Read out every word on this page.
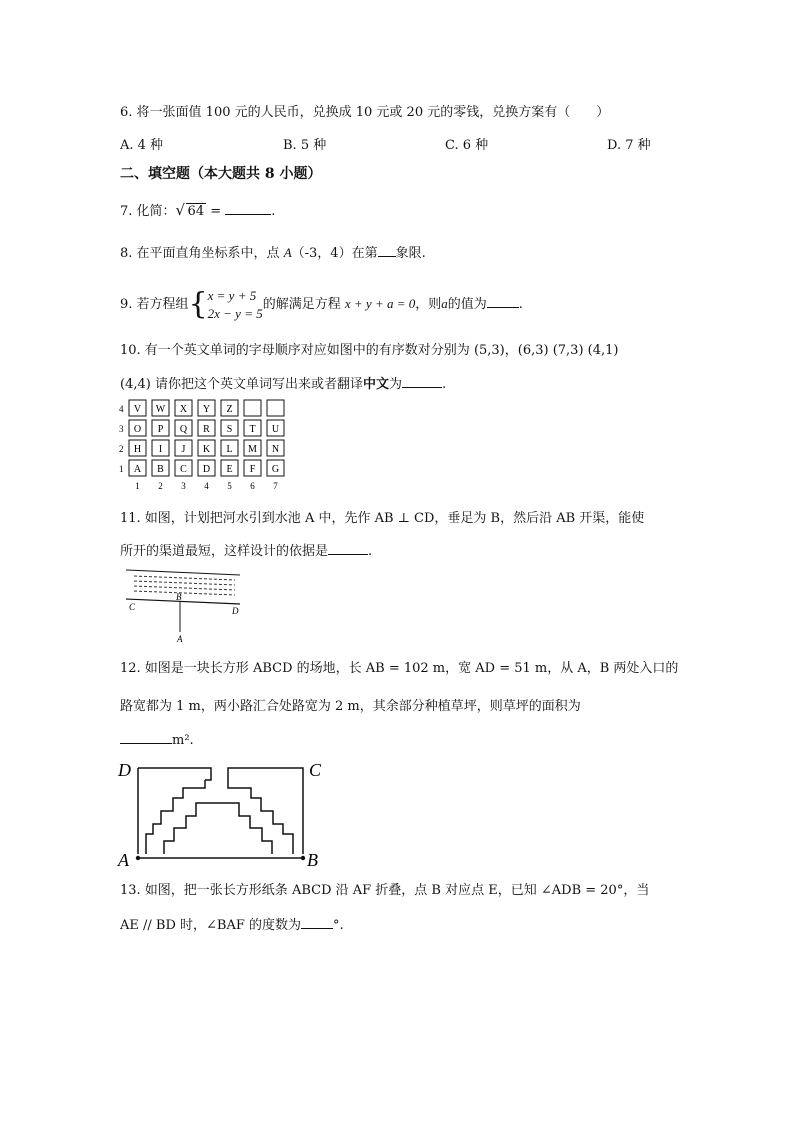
6. 将一张面值 100 元的人民币，兑换成 10 元或 20 元的零钱，兑换方案有（　　）
A. 4 种	B. 5 种	C. 6 种	D. 7 种
二、填空题（本大题共 8 小题）
7. 化简： √ 64 =	.
8. 在平面直角坐标系中，点 A（-3，4）在第 象限.
9. 若方程组{x = y + 5
2x − y = 5的解满足方程 x + y + a = 0，则a的值为 .
10. 有一个英文单词的字母顺序对应如图中的有序数对分别为 (5,3)，(6,3) (7,3) (4,1)
(4,4) 请你把这个英文单词写出来或者翻译中文为	.
4 V W X Y Z
3 O P Q R S T U
2 H I J K L M N
1 A B C D E F G
1 2 3 4 5 6 7
11. 如图，计划把河水引到水池 A 中，先作 AB ⊥ CD，垂足为 B，然后沿 AB 开渠，能使
所开的渠道最短，这样设计的依据是	.
B
C	D
A
12. 如图是一块长方形 ABCD 的场地，长 AB = 102 m，宽 AD = 51 m，从 A，B 两处入口的
路宽都为 1 m，两小路汇合处路宽为 2 m，其余部分种植草坪，则草坪的面积为
m².
D	C
A	B
13. 如图，把一张长方形纸条 ABCD 沿 AF 折叠，点 B 对应点 E，已知 ∠ADB = 20°，当
AE // BD 时，∠BAF 的度数为 °.
